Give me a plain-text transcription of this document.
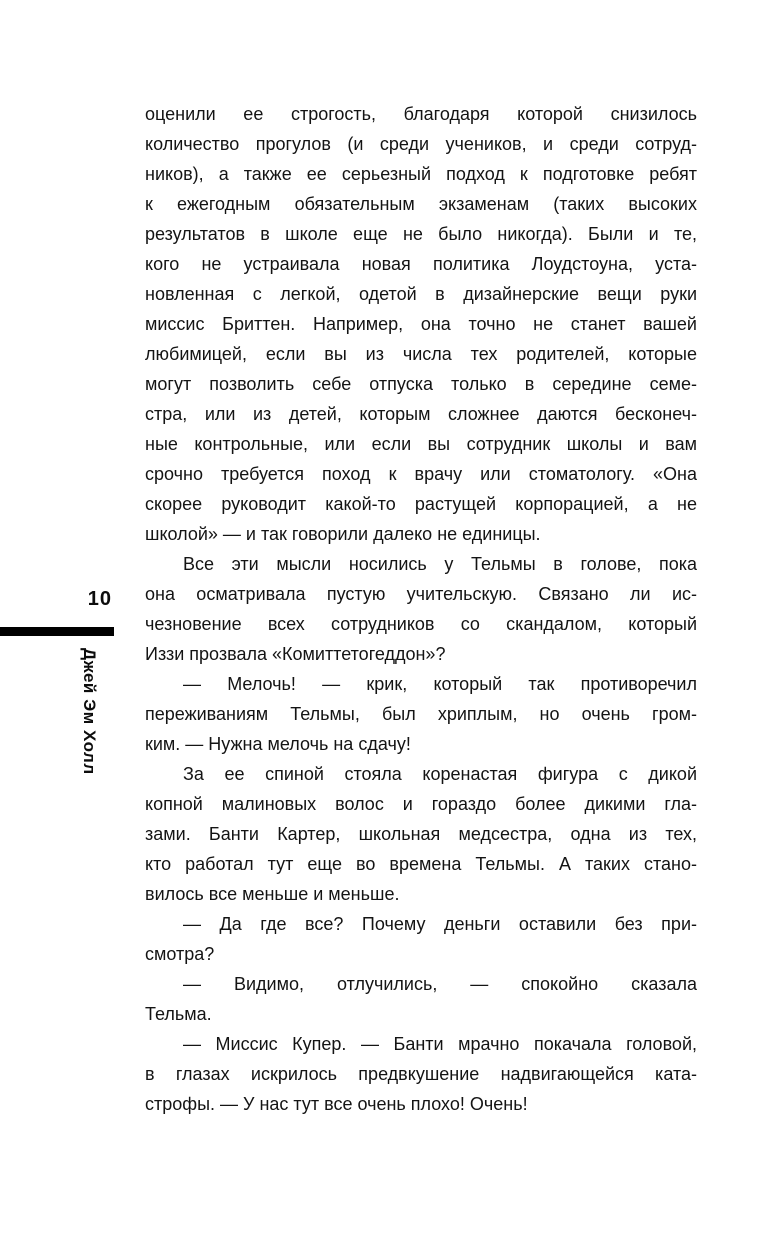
10
Джей Эм Холл
оценили ее строгость, благодаря которой снизилось
количество прогулов (и среди учеников, и среди сотруд-
ников), а также ее серьезный подход к подготовке ребят
к ежегодным обязательным экзаменам (таких высоких
результатов в школе еще не было никогда). Были и те,
кого не устраивала новая политика Лоудстоуна, уста-
новленная с легкой, одетой в дизайнерские вещи руки
миссис Бриттен. Например, она точно не станет вашей
любимицей, если вы из числа тех родителей, которые
могут позволить себе отпуска только в середине семе-
стра, или из детей, которым сложнее даются бесконеч-
ные контрольные, или если вы сотрудник школы и вам
срочно требуется поход к врачу или стоматологу. «Она
скорее руководит какой-то растущей корпорацией, а не
школой» — и так говорили далеко не единицы.
Все эти мысли носились у Тельмы в голове, пока
она осматривала пустую учительскую. Связано ли ис-
чезновение всех сотрудников со скандалом, который
Иззи прозвала «Комиттетогеддон»?
— Мелочь! — крик, который так противоречил
переживаниям Тельмы, был хриплым, но очень гром-
ким. — Нужна мелочь на сдачу!
За ее спиной стояла коренастая фигура с дикой
копной малиновых волос и гораздо более дикими гла-
зами. Банти Картер, школьная медсестра, одна из тех,
кто работал тут еще во времена Тельмы. А таких стано-
вилось все меньше и меньше.
— Да где все? Почему деньги оставили без при-
смотра?
— Видимо, отлучились, — спокойно сказала
Тельма.
— Миссис Купер. — Банти мрачно покачала головой,
в глазах искрилось предвкушение надвигающейся ката-
строфы. — У нас тут все очень плохо! Очень!
